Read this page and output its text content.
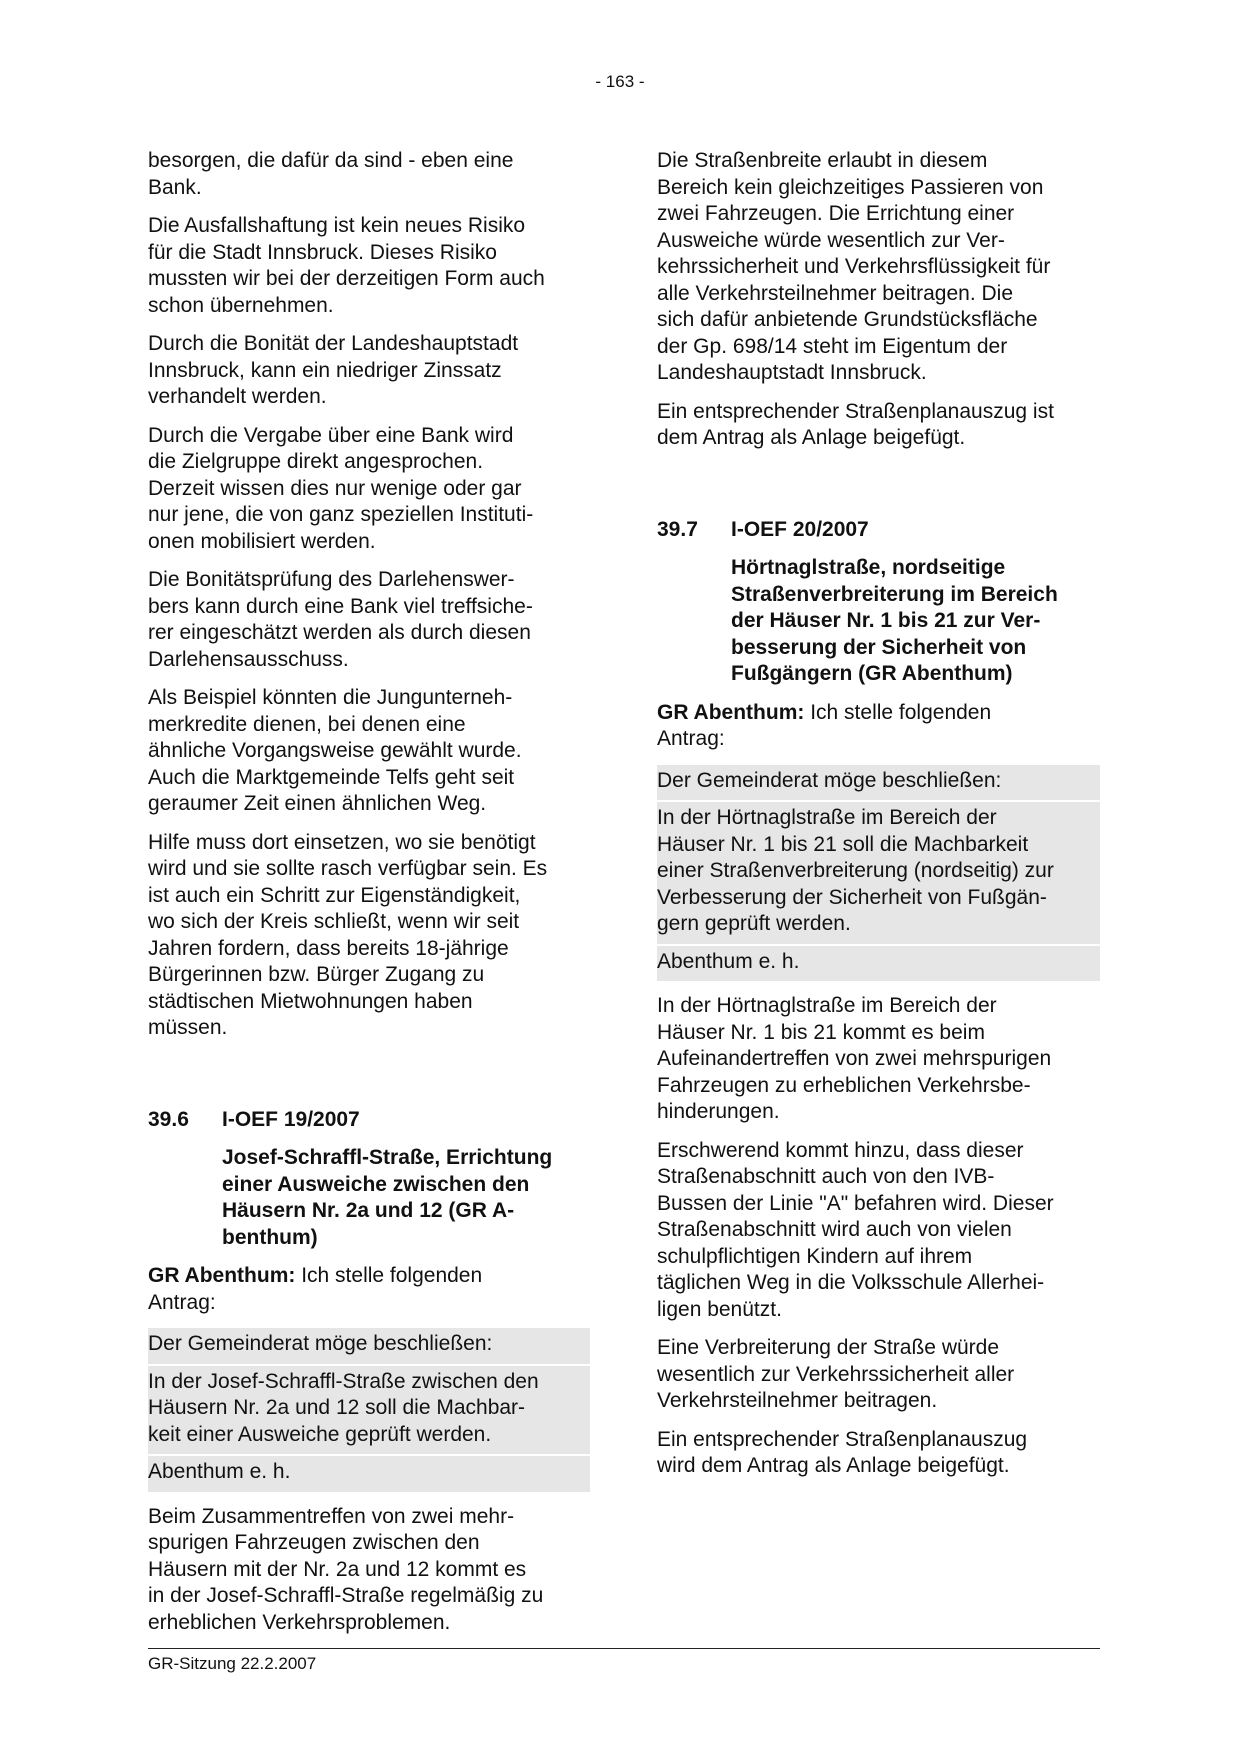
- 163 -

besorgen, die dafür da sind - eben eine
Bank.

Die Ausfallshaftung ist kein neues Risiko
für die Stadt Innsbruck. Dieses Risiko
mussten wir bei der derzeitigen Form auch
schon übernehmen.

Durch die Bonität der Landeshauptstadt
Innsbruck, kann ein niedriger Zinssatz
verhandelt werden.

Durch die Vergabe über eine Bank wird
die Zielgruppe direkt angesprochen.
Derzeit wissen dies nur wenige oder gar
nur jene, die von ganz speziellen Instituti-
onen mobilisiert werden.

Die Bonitätsprüfung des Darlehenswer-
bers kann durch eine Bank viel treffsiche-
rer eingeschätzt werden als durch diesen
Darlehensausschuss.

Als Beispiel könnten die Jungunterneh-
merkredite dienen, bei denen eine
ähnliche Vorgangsweise gewählt wurde.
Auch die Marktgemeinde Telfs geht seit
geraumer Zeit einen ähnlichen Weg.

Hilfe muss dort einsetzen, wo sie benötigt
wird und sie sollte rasch verfügbar sein. Es
ist auch ein Schritt zur Eigenständigkeit,
wo sich der Kreis schließt, wenn wir seit
Jahren fordern, dass bereits 18-jährige
Bürgerinnen bzw. Bürger Zugang zu
städtischen Mietwohnungen haben
müssen.

39.6 I-OEF 19/2007
Josef-Schraffl-Straße, Errichtung
einer Ausweiche zwischen den
Häusern Nr. 2a und 12 (GR A-
benthum)

GR Abenthum: Ich stelle folgenden
Antrag:

Der Gemeinderat möge beschließen:

In der Josef-Schraffl-Straße zwischen den
Häusern Nr. 2a und 12 soll die Machbar-
keit einer Ausweiche geprüft werden.

Abenthum e. h.

Beim Zusammentreffen von zwei mehr-
spurigen Fahrzeugen zwischen den
Häusern mit der Nr. 2a und 12 kommt es
in der Josef-Schraffl-Straße regelmäßig zu
erheblichen Verkehrsproblemen.

Die Straßenbreite erlaubt in diesem
Bereich kein gleichzeitiges Passieren von
zwei Fahrzeugen. Die Errichtung einer
Ausweiche würde wesentlich zur Ver-
kehrssicherheit und Verkehrsflüssigkeit für
alle Verkehrsteilnehmer beitragen. Die
sich dafür anbietende Grundstücksfläche
der Gp. 698/14 steht im Eigentum der
Landeshauptstadt Innsbruck.

Ein entsprechender Straßenplanauszug ist
dem Antrag als Anlage beigefügt.

39.7 I-OEF 20/2007
Hörtnaglstraße, nordseitige
Straßenverbreiterung im Bereich
der Häuser Nr. 1 bis 21 zur Ver-
besserung der Sicherheit von
Fußgängern (GR Abenthum)

GR Abenthum: Ich stelle folgenden
Antrag:

Der Gemeinderat möge beschließen:

In der Hörtnaglstraße im Bereich der
Häuser Nr. 1 bis 21 soll die Machbarkeit
einer Straßenverbreiterung (nordseitig) zur
Verbesserung der Sicherheit von Fußgän-
gern geprüft werden.

Abenthum e. h.

In der Hörtnaglstraße im Bereich der
Häuser Nr. 1 bis 21 kommt es beim
Aufeinandertreffen von zwei mehrspurigen
Fahrzeugen zu erheblichen Verkehrsbe-
hinderungen.

Erschwerend kommt hinzu, dass dieser
Straßenabschnitt auch von den IVB-
Bussen der Linie "A" befahren wird. Dieser
Straßenabschnitt wird auch von vielen
schulpflichtigen Kindern auf ihrem
täglichen Weg in die Volksschule Allerhei-
ligen benützt.

Eine Verbreiterung der Straße würde
wesentlich zur Verkehrssicherheit aller
Verkehrsteilnehmer beitragen.

Ein entsprechender Straßenplanauszug
wird dem Antrag als Anlage beigefügt.

GR-Sitzung 22.2.2007
